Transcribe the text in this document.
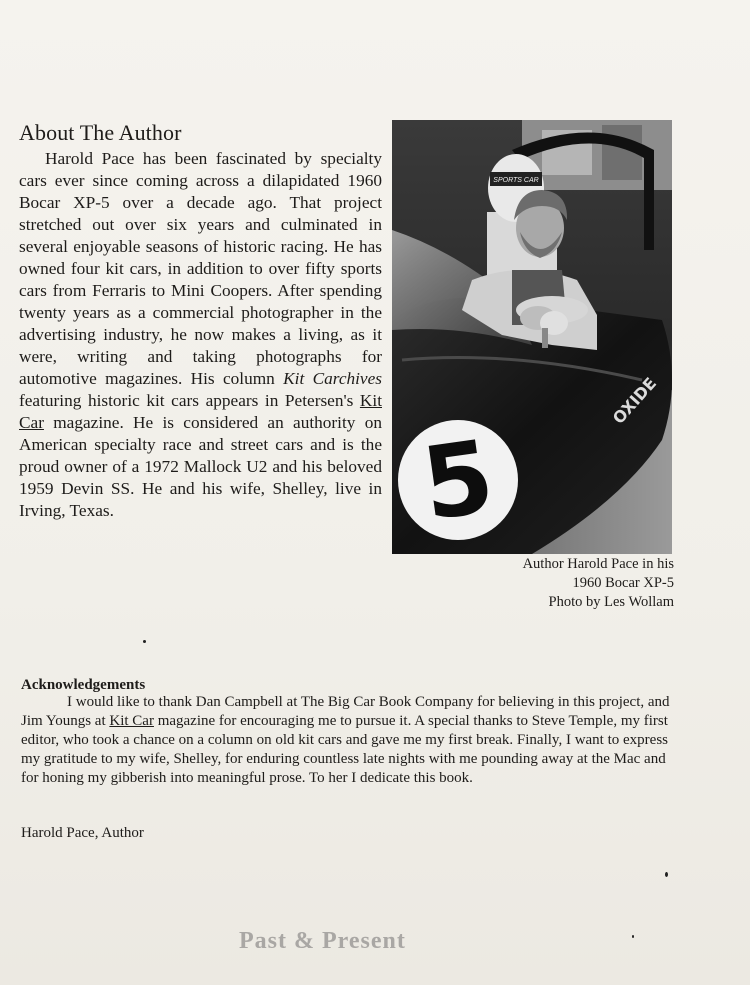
About The Author

Harold Pace has been fascinated by specialty cars ever since coming across a dilapidated 1960 Bocar XP-5 over a decade ago. That project stretched out over six years and culminated in several enjoyable seasons of historic racing. He has owned four kit cars, in addition to over fifty sports cars from Ferraris to Mini Coopers. After spending twenty years as a commercial photographer in the advertising industry, he now makes a living, as it were, writing and taking photographs for automotive magazines. His column Kit Carchives featuring historic kit cars appears in Petersen's Kit Car magazine. He is considered an authority on American specialty race and street cars and is the proud owner of a 1972 Mallock U2 and his beloved 1959 Devin SS. He and his wife, Shelley, live in Irving, Texas.

SPORTS CAR
5
OXIDE
Author Harold Pace in his
1960 Bocar XP-5
Photo by Les Wollam
Acknowledgements

I would like to thank Dan Campbell at The Big Car Book Company for believing in this project, and Jim Youngs at Kit Car magazine for encouraging me to pursue it. A special thanks to Steve Temple, my first editor, who took a chance on a column on old kit cars and gave me my first break. Finally, I want to express my gratitude to my wife, Shelley, for enduring countless late nights with me pounding away at the Mac and for honing my gibberish into meaningful prose. To her I dedicate this book.

Harold Pace, Author

Past & Present
